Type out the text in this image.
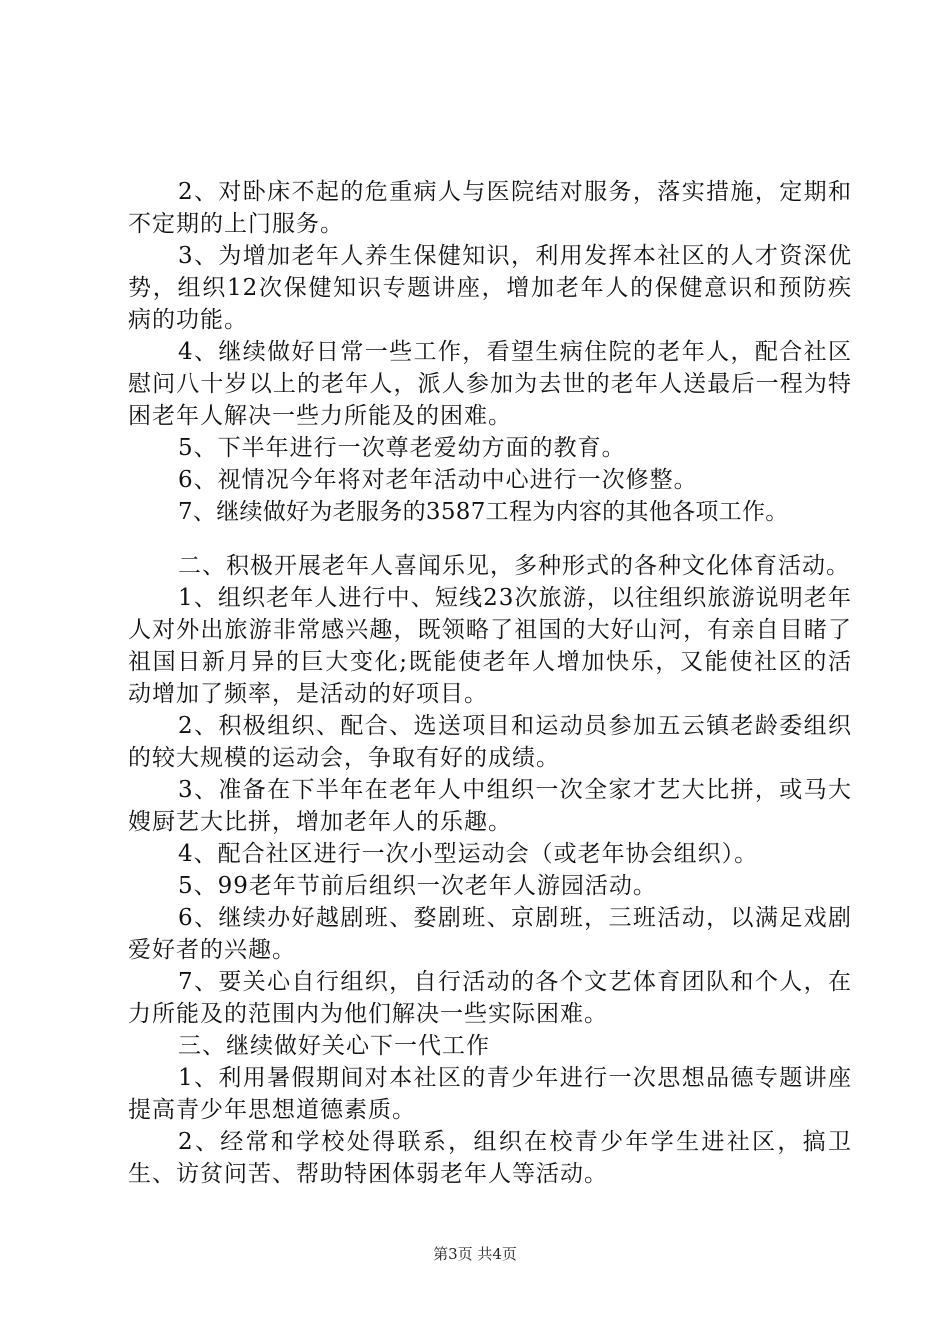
2、对卧床不起的危重病人与医院结对服务，落实措施，定期和不定期的上门服务。

3、为增加老年人养生保健知识，利用发挥本社区的人才资深优势，组织12次保健知识专题讲座，增加老年人的保健意识和预防疾病的功能。

4、继续做好日常一些工作，看望生病住院的老年人，配合社区慰问八十岁以上的老年人，派人参加为去世的老年人送最后一程为特困老年人解决一些力所能及的困难。

5、下半年进行一次尊老爱幼方面的教育。

6、视情况今年将对老年活动中心进行一次修整。

7、继续做好为老服务的3587工程为内容的其他各项工作。

二、积极开展老年人喜闻乐见，多种形式的各种文化体育活动。

1、组织老年人进行中、短线23次旅游，以往组织旅游说明老年人对外出旅游非常感兴趣，既领略了祖国的大好山河，有亲自目睹了祖国日新月异的巨大变化;既能使老年人增加快乐，又能使社区的活动增加了频率，是活动的好项目。

2、积极组织、配合、选送项目和运动员参加五云镇老龄委组织的较大规模的运动会，争取有好的成绩。

3、准备在下半年在老年人中组织一次全家才艺大比拼，或马大嫂厨艺大比拼，增加老年人的乐趣。

4、配合社区进行一次小型运动会（或老年协会组织）。

5、99老年节前后组织一次老年人游园活动。

6、继续办好越剧班、婺剧班、京剧班，三班活动，以满足戏剧爱好者的兴趣。

7、要关心自行组织，自行活动的各个文艺体育团队和个人，在力所能及的范围内为他们解决一些实际困难。

三、继续做好关心下一代工作

1、利用暑假期间对本社区的青少年进行一次思想品德专题讲座提高青少年思想道德素质。

2、经常和学校处得联系，组织在校青少年学生进社区，搞卫生、访贫问苦、帮助特困体弱老年人等活动。

第3页 共4页
